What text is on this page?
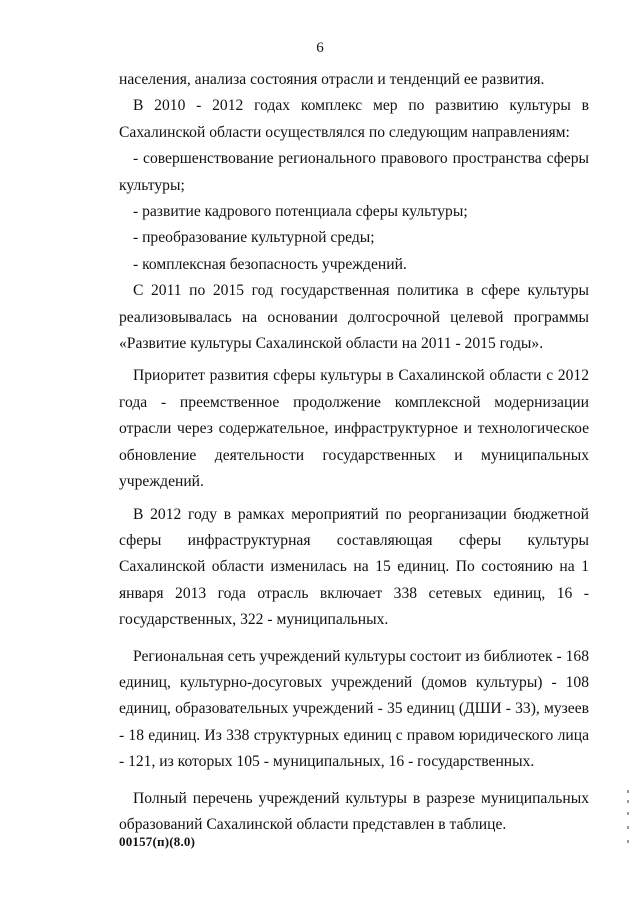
6

населения, анализа состояния отрасли и тенденций ее развития.

В 2010 - 2012 годах комплекс мер по развитию культуры в Сахалинской области осуществлялся по следующим направлениям:

- совершенствование регионального правового пространства сферы культуры;

- развитие кадрового потенциала сферы культуры;

- преобразование культурной среды;

- комплексная безопасность учреждений.

С 2011 по 2015 год государственная политика в сфере культуры реализовывалась на основании долгосрочной целевой программы «Развитие культуры Сахалинской области на 2011 - 2015 годы».

Приоритет развития сферы культуры в Сахалинской области с 2012 года - преемственное продолжение комплексной модернизации отрасли через содержательное, инфраструктурное и технологическое обновление деятельности государственных и муниципальных учреждений.

В 2012 году в рамках мероприятий по реорганизации бюджетной сферы инфраструктурная составляющая сферы культуры Сахалинской области изменилась на 15 единиц. По состоянию на 1 января 2013 года отрасль включает 338 сетевых единиц, 16 - государственных, 322 - муниципальных.

Региональная сеть учреждений культуры состоит из библиотек - 168 единиц, культурно-досуговых учреждений (домов культуры) - 108 единиц, образовательных учреждений - 35 единиц (ДШИ - 33), музеев - 18 единиц. Из 338 структурных единиц с правом юридического лица - 121, из которых 105 - муниципальных, 16 - государственных.

Полный перечень учреждений культуры в разрезе муниципальных образований Сахалинской области представлен в таблице.

00157(п)(8.0)
